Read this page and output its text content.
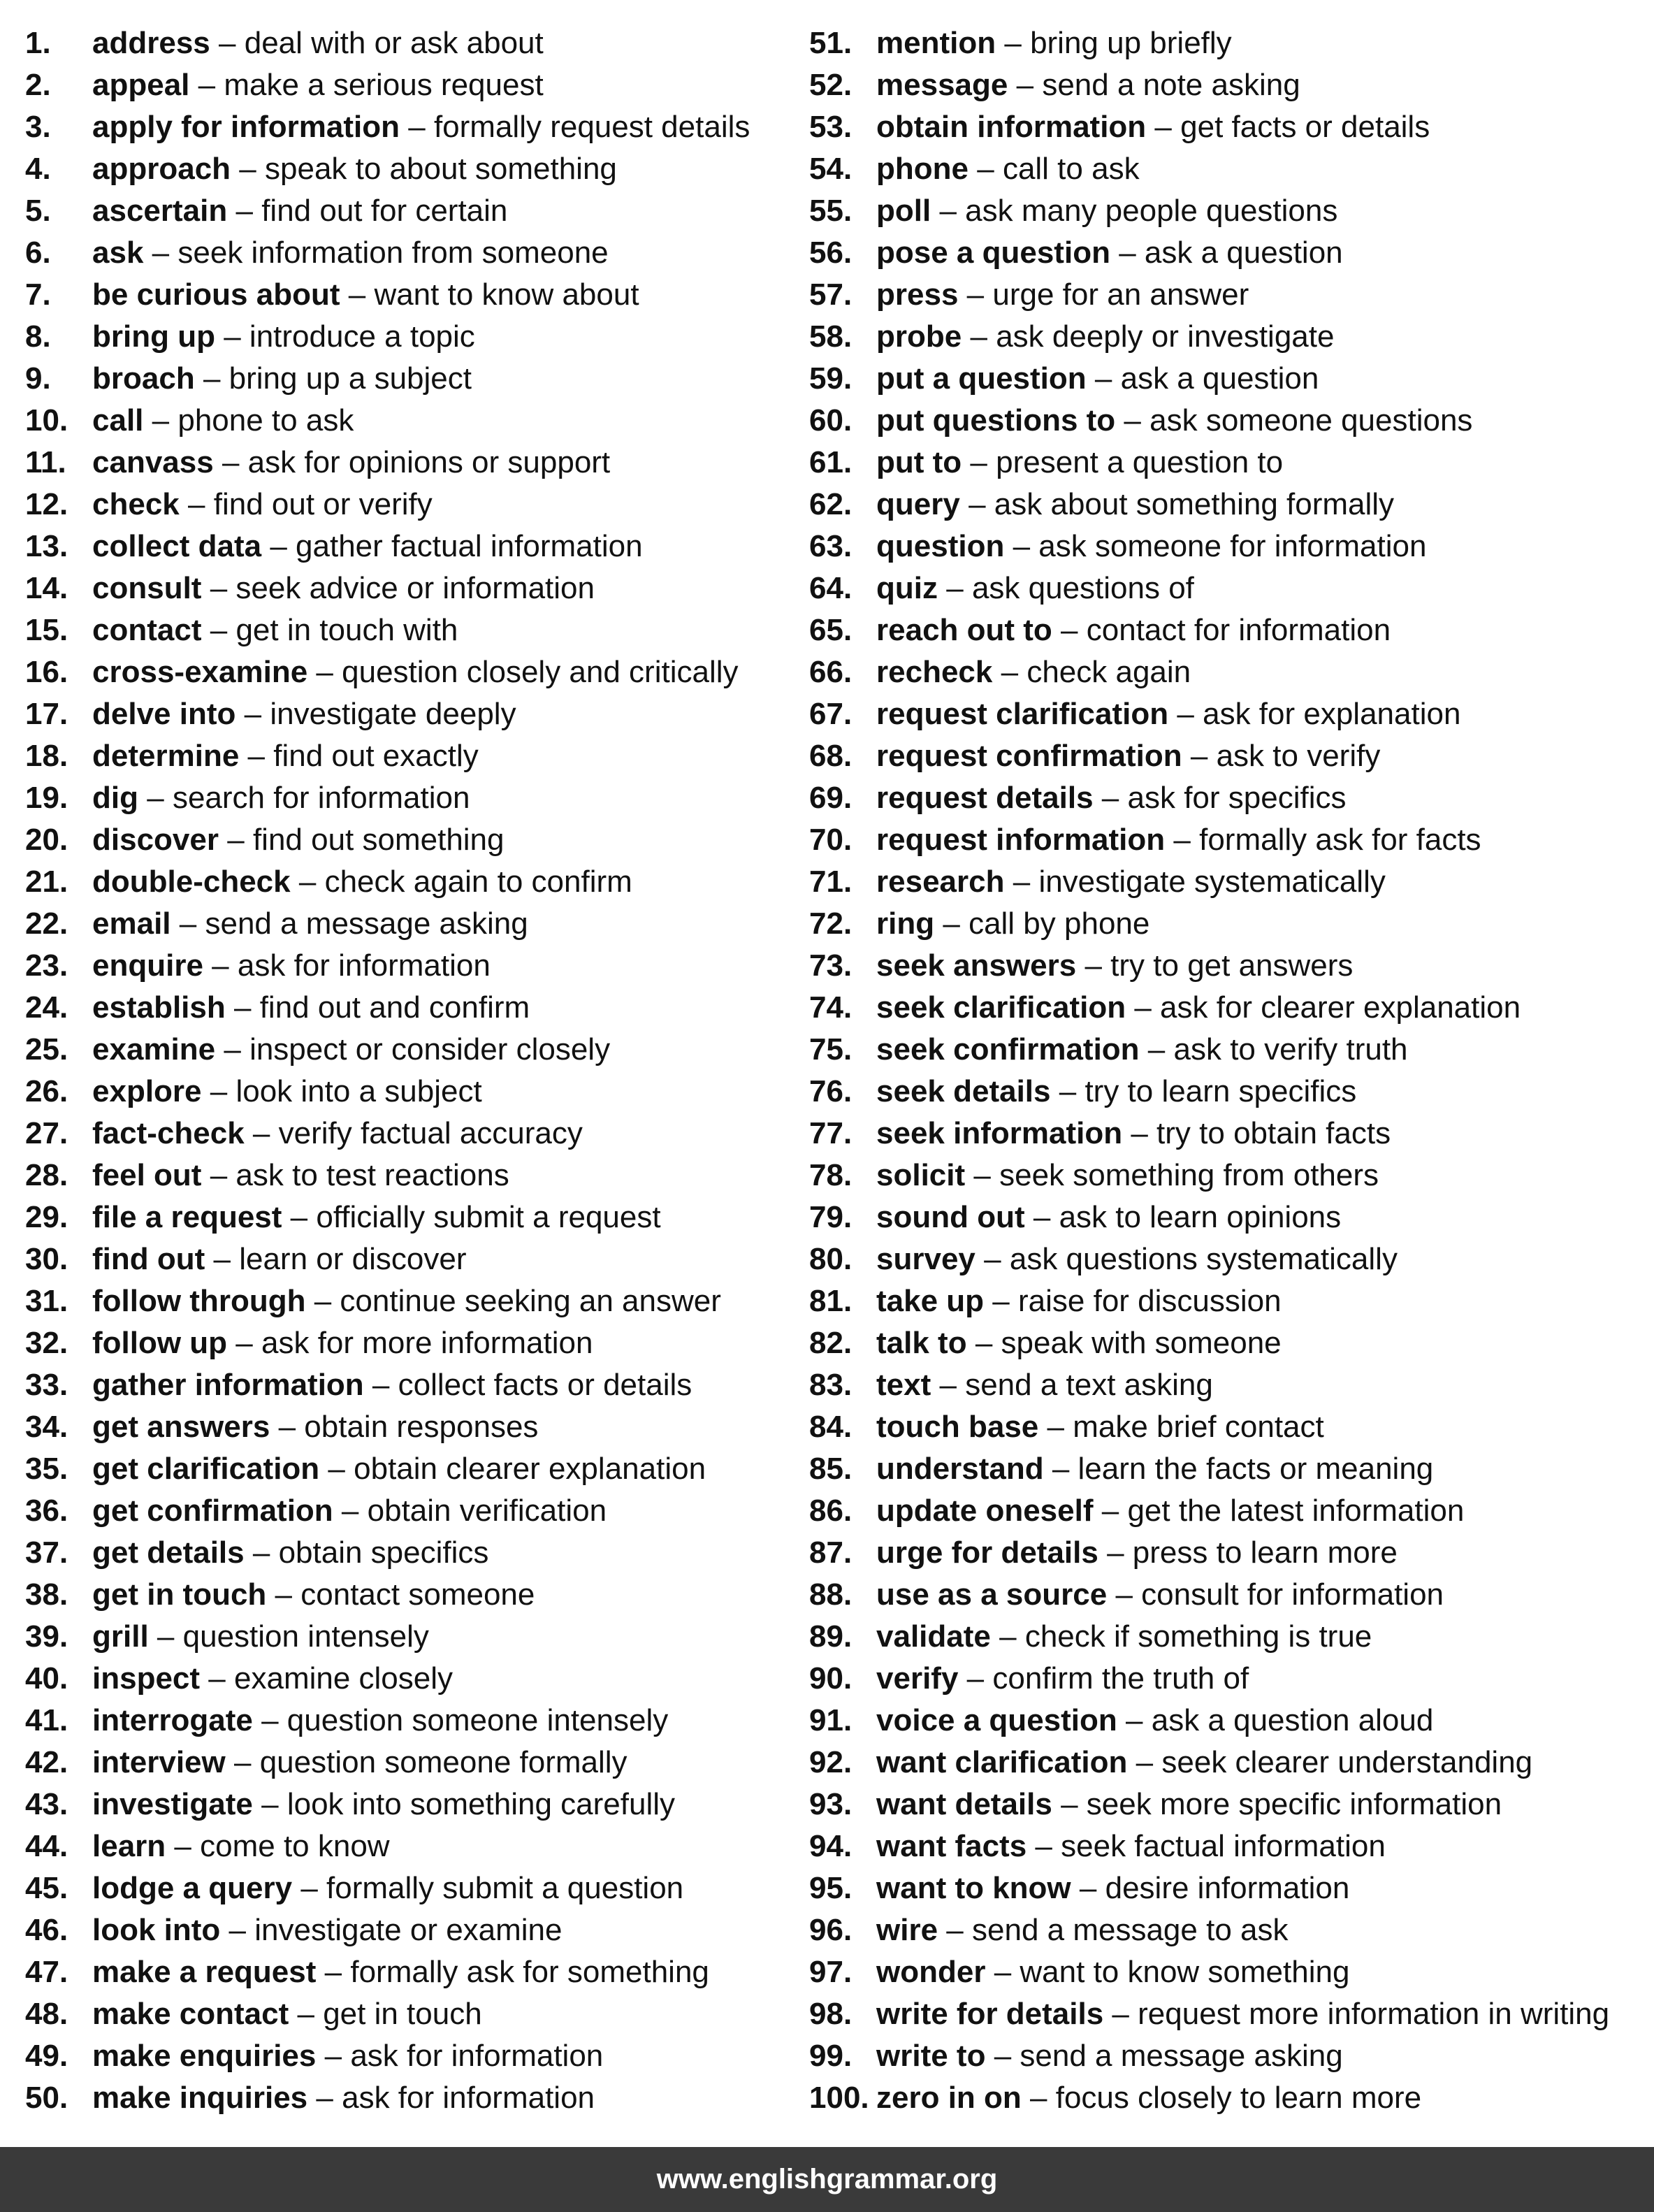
1.	address – deal with or ask about
2.	appeal – make a serious request
3.	apply for information – formally request details
4.	approach – speak to about something
5.	ascertain – find out for certain
6.	ask – seek information from someone
7.	be curious about – want to know about
8.	bring up – introduce a topic
9.	broach – bring up a subject
10. call – phone to ask
11. canvass – ask for opinions or support
12. check – find out or verify
13. collect data – gather factual information
14. consult – seek advice or information
15. contact – get in touch with
16. cross-examine – question closely and critically
17. delve into – investigate deeply
18. determine – find out exactly
19. dig – search for information
20. discover – find out something
21. double-check – check again to confirm
22. email – send a message asking
23. enquire – ask for information
24. establish – find out and confirm
25. examine – inspect or consider closely
26. explore – look into a subject
27. fact-check – verify factual accuracy
28. feel out – ask to test reactions
29. file a request – officially submit a request
30. find out – learn or discover
31. follow through – continue seeking an answer
32. follow up – ask for more information
33. gather information – collect facts or details
34. get answers – obtain responses
35. get clarification – obtain clearer explanation
36. get confirmation – obtain verification
37. get details – obtain specifics
38. get in touch – contact someone
39. grill – question intensely
40. inspect – examine closely
41. interrogate – question someone intensely
42. interview – question someone formally
43. investigate – look into something carefully
44. learn – come to know
45. lodge a query – formally submit a question
46. look into – investigate or examine
47. make a request – formally ask for something
48. make contact – get in touch
49. make enquiries – ask for information
50. make inquiries – ask for information
51. mention – bring up briefly
52. message – send a note asking
53. obtain information – get facts or details
54. phone – call to ask
55. poll – ask many people questions
56. pose a question – ask a question
57. press – urge for an answer
58. probe – ask deeply or investigate
59. put a question – ask a question
60. put questions to – ask someone questions
61. put to – present a question to
62. query – ask about something formally
63. question – ask someone for information
64. quiz – ask questions of
65. reach out to – contact for information
66. recheck – check again
67. request clarification – ask for explanation
68. request confirmation – ask to verify
69. request details – ask for specifics
70. request information – formally ask for facts
71. research – investigate systematically
72. ring – call by phone
73. seek answers – try to get answers
74. seek clarification – ask for clearer explanation
75. seek confirmation – ask to verify truth
76. seek details – try to learn specifics
77. seek information – try to obtain facts
78. solicit – seek something from others
79. sound out – ask to learn opinions
80. survey – ask questions systematically
81. take up – raise for discussion
82. talk to – speak with someone
83. text – send a text asking
84. touch base – make brief contact
85. understand – learn the facts or meaning
86. update oneself – get the latest information
87. urge for details – press to learn more
88. use as a source – consult for information
89. validate – check if something is true
90. verify – confirm the truth of
91. voice a question – ask a question aloud
92. want clarification – seek clearer understanding
93. want details – seek more specific information
94. want facts – seek factual information
95. want to know – desire information
96. wire – send a message to ask
97. wonder – want to know something
98. write for details – request more information in writing
99. write to – send a message asking
100. zero in on – focus closely to learn more
www.englishgrammar.org
